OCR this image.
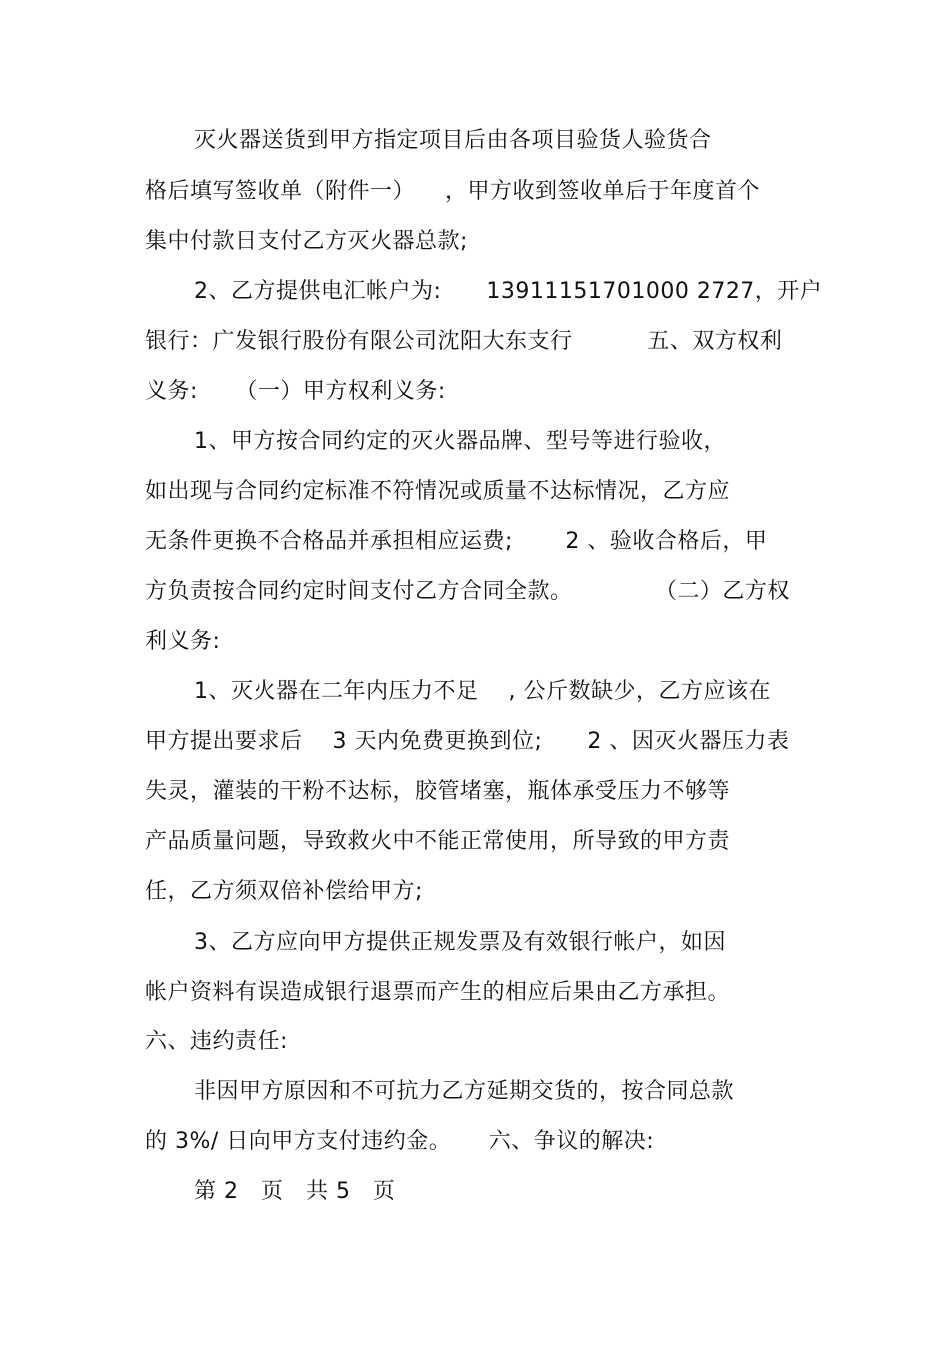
灭火器送货到甲方指定项目后由各项目验货人验货合
格后填写签收单（附件一）    ，甲方收到签收单后于年度首个
集中付款日支付乙方灭火器总款;
2、乙方提供电汇帐户为:      13911151701000 2727，开户
银行：广发银行股份有限公司沈阳大东支行          五、双方权利
义务:     （一）甲方权利义务:
1、甲方按合同约定的灭火器品牌、型号等进行验收，
如出现与合同约定标准不符情况或质量不达标情况，乙方应
无条件更换不合格品并承担相应运费;       2 、验收合格后，甲
方负责按合同约定时间支付乙方合同全款。           （二）乙方权
利义务:
1、灭火器在二年内压力不足    , 公斤数缺少，乙方应该在
甲方提出要求后    3 天内免费更换到位;      2 、因灭火器压力表
失灵，灌装的干粉不达标，胶管堵塞，瓶体承受压力不够等
产品质量问题，导致救火中不能正常使用，所导致的甲方责
任，乙方须双倍补偿给甲方;
3、乙方应向甲方提供正规发票及有效银行帐户，如因
帐户资料有误造成银行退票而产生的相应后果由乙方承担。
六、违约责任:
非因甲方原因和不可抗力乙方延期交货的，按合同总款
的 3%/ 日向甲方支付违约金。     六、争议的解决:
第 2   页   共 5   页
